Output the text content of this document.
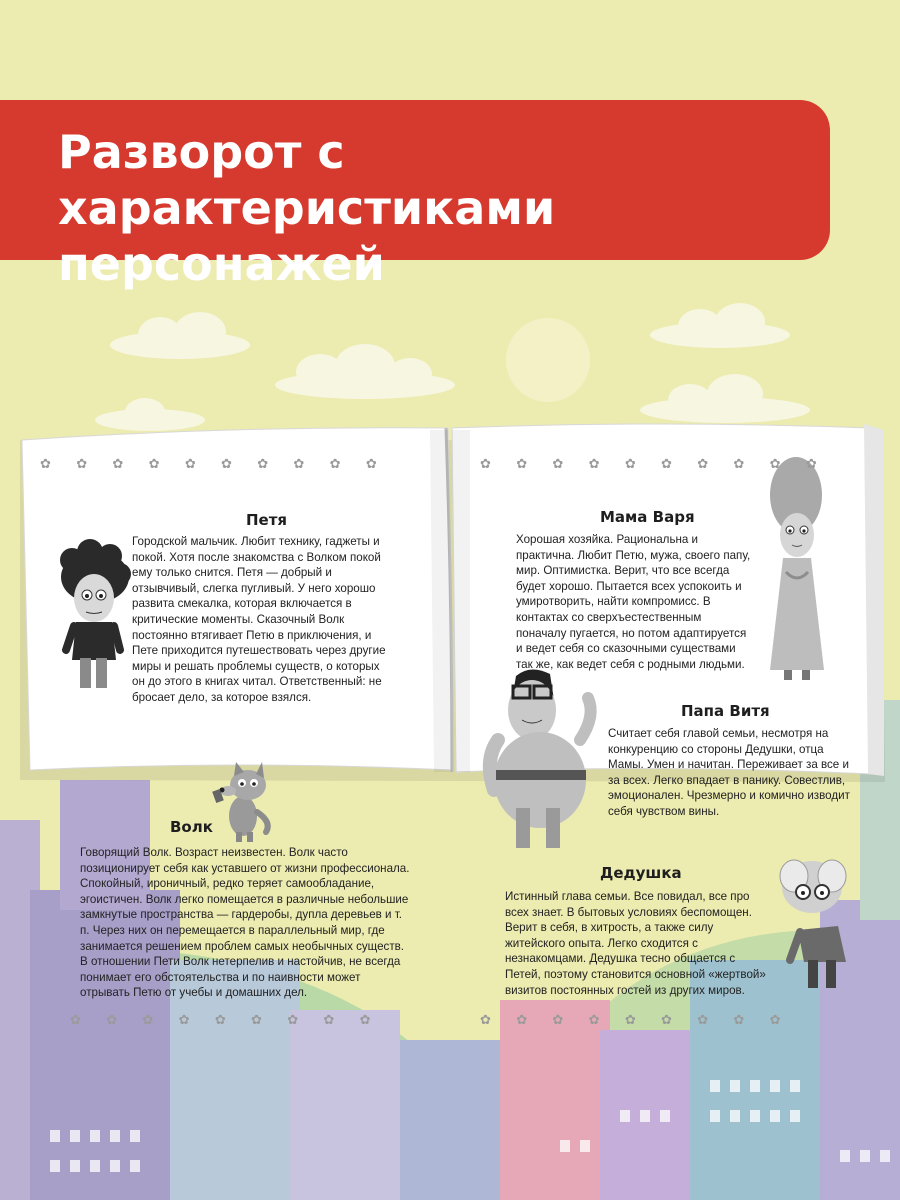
Разворот с характеристиками персонажей
✿ ✿ ✿ ✿ ✿ ✿ ✿ ✿ ✿ ✿	✿ ✿ ✿ ✿ ✿ ✿ ✿ ✿ ✿ ✿
✿ ✿ ✿ ✿ ✿ ✿ ✿ ✿ ✿	✿ ✿ ✿ ✿ ✿ ✿ ✿ ✿ ✿
Петя
Городской мальчик. Любит технику, гаджеты и покой. Хотя после знакомства с Волком покой ему только снится. Петя — добрый и отзывчивый, слегка пугливый. У него хорошо развита смекалка, которая включается в критические моменты. Сказочный Волк постоянно втягивает Петю в приключения, и Пете приходится путешествовать через другие миры и решать проблемы существ, о которых он до этого в книгах читал. Ответственный: не бросает дело, за которое взялся.
Волк
Говорящий Волк. Возраст неизвестен. Волк часто позиционирует себя как уставшего от жизни профессионала. Спокойный, ироничный, редко теряет самообладание, эгоистичен. Волк легко помещается в различные небольшие замкнутые пространства — гардеробы, дупла деревьев и т. п. Через них он перемещается в параллельный мир, где занимается решением проблем самых необычных существ. В отношении Пети Волк нетерпелив и настойчив, не всегда понимает его обстоятельства и по наивности может отрывать Петю от учебы и домашних дел.
Мама Варя
Хорошая хозяйка. Рациональна и практична. Любит Петю, мужа, своего папу, мир. Оптимистка. Верит, что все всегда будет хорошо. Пытается всех успокоить и умиротворить, найти компромисс. В контактах со сверхъестественным поначалу пугается, но потом адаптируется и ведет себя со сказочными существами так же, как ведет себя с родными людьми.
Папа Витя
Считает себя главой семьи, несмотря на конкуренцию со стороны Дедушки, отца Мамы. Умен и начитан. Переживает за все и за всех. Легко впадает в панику. Совестлив, эмоционален. Чрезмерно и комично изводит себя чувством вины.
Дедушка
Истинный глава семьи. Все повидал, все про всех знает. В бытовых условиях беспомощен. Верит в себя, в хитрость, а также силу житейского опыта. Легко сходится с незнакомцами. Дедушка тесно общается с Петей, поэтому становится основной «жертвой» визитов постоянных гостей из других миров.
